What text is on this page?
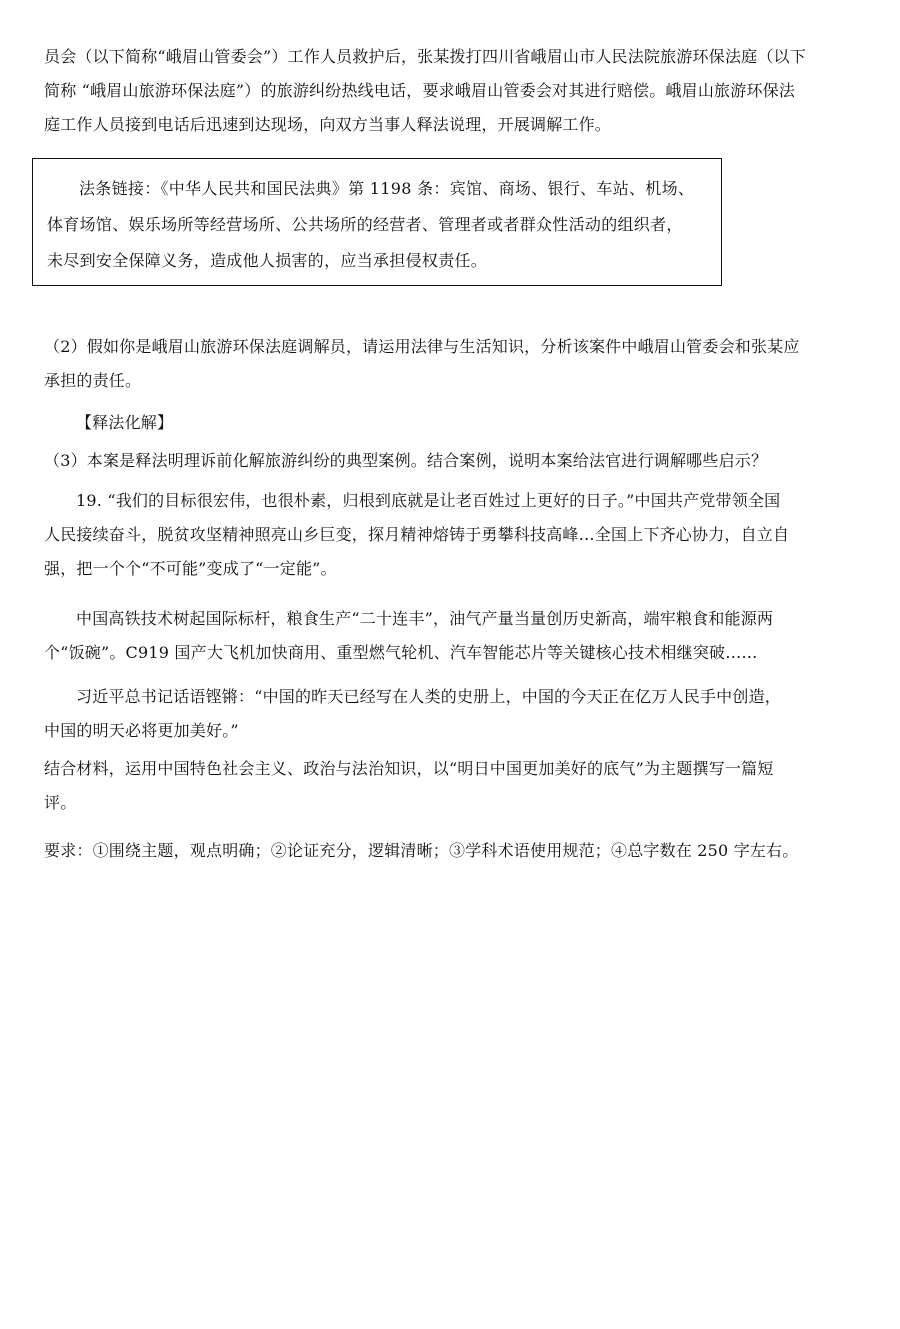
员会（以下简称“峨眉山管委会”）工作人员救护后，张某拨打四川省峨眉山市人民法院旅游环保法庭（以下
简称 “峨眉山旅游环保法庭”）的旅游纠纷热线电话，要求峨眉山管委会对其进行赔偿。峨眉山旅游环保法
庭工作人员接到电话后迅速到达现场，向双方当事人释法说理，开展调解工作。

法条链接：《中华人民共和国民法典》第 1198 条：宾馆、商场、银行、车站、机场、
体育场馆、娱乐场所等经营场所、公共场所的经营者、管理者或者群众性活动的组织者，
未尽到安全保障义务，造成他人损害的，应当承担侵权责任。

（2）假如你是峨眉山旅游环保法庭调解员，请运用法律与生活知识，分析该案件中峨眉山管委会和张某应
承担的责任。
【释法化解】
（3）本案是释法明理诉前化解旅游纠纷的典型案例。结合案例，说明本案给法官进行调解哪些启示？
19. “我们的目标很宏伟，也很朴素，归根到底就是让老百姓过上更好的日子。”中国共产党带领全国
人民接续奋斗，脱贫攻坚精神照亮山乡巨变，探月精神熔铸于勇攀科技高峰…全国上下齐心协力，自立自
强，把一个个“不可能”变成了“一定能”。
中国高铁技术树起国际标杆，粮食生产“二十连丰”，油气产量当量创历史新高，端牢粮食和能源两
个“饭碗”。C919 国产大飞机加快商用、重型燃气轮机、汽车智能芯片等关键核心技术相继突破……
习近平总书记话语铿锵：“中国的昨天已经写在人类的史册上，中国的今天正在亿万人民手中创造，
中国的明天必将更加美好。”
结合材料，运用中国特色社会主义、政治与法治知识，以“明日中国更加美好的底气”为主题撰写一篇短
评。
要求：①围绕主题，观点明确；②论证充分，逻辑清晰；③学科术语使用规范；④总字数在 250 字左右。
